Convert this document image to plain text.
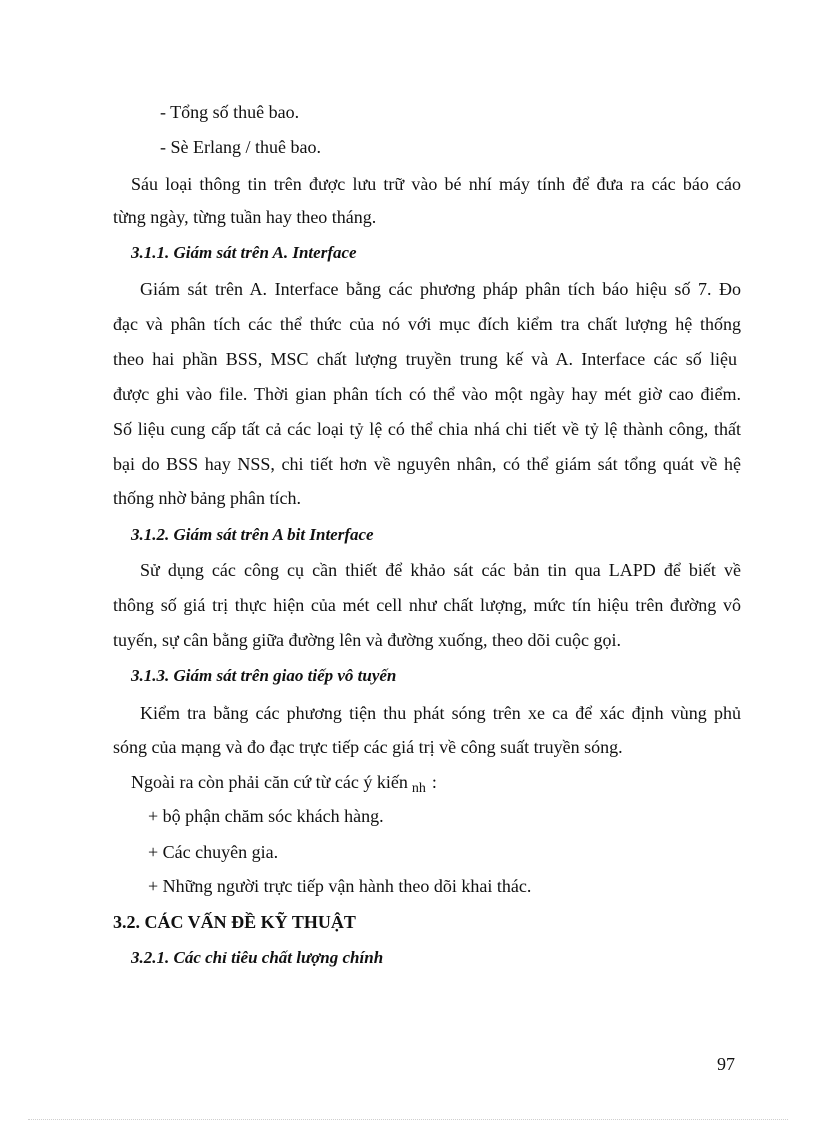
- Tổng số thuê bao.
- Sè Erlang / thuê bao.
Sáu loại thông tin trên được lưu trữ vào bé nhí máy tính để đưa ra các báo cáo
từng ngày, từng tuần hay theo tháng.
3.1.1. Giám sát trên A. Interface
Giám sát trên A. Interface bằng các phương pháp phân tích báo hiệu số 7. Đo
đạc và phân tích các thể thức của nó với mục đích kiểm tra chất lượng hệ thống
theo hai phần BSS, MSC chất lượng truyền trung kế và A. Interface các số liệu
được ghi vào file. Thời gian phân tích có thể vào một ngày hay mét giờ cao điểm.
Số liệu cung cấp tất cả các loại tỷ lệ có thể chia nhá chi tiết về tỷ lệ thành công, thất
bại do BSS hay NSS, chi tiết hơn về nguyên nhân, có thể giám sát tổng quát về hệ
thống nhờ bảng phân tích.
3.1.2. Giám sát trên A bit Interface
Sử dụng các công cụ cần thiết để khảo sát các bản tin qua LAPD để biết về
thông số giá trị thực hiện của mét cell như chất lượng, mức tín hiệu trên đường vô
tuyến, sự cân bằng giữa đường lên và đường xuống, theo dõi cuộc gọi.
3.1.3. Giám sát trên giao tiếp vô tuyến
Kiểm tra bằng các phương tiện thu phát sóng trên xe ca để xác định vùng phủ
sóng của mạng và đo đạc trực tiếp các giá trị về công suất truyền sóng.
Ngoài ra còn phải căn cứ từ các ý kiến $_{nh}$ :
+ bộ phận chăm sóc khách hàng.
+ Các chuyên gia.
+ Những người trực tiếp vận hành theo dõi khai thác.
3.2. CÁC VẤN ĐỀ KỸ THUẬT
3.2.1. Các chỉ tiêu chất lượng chính
97
